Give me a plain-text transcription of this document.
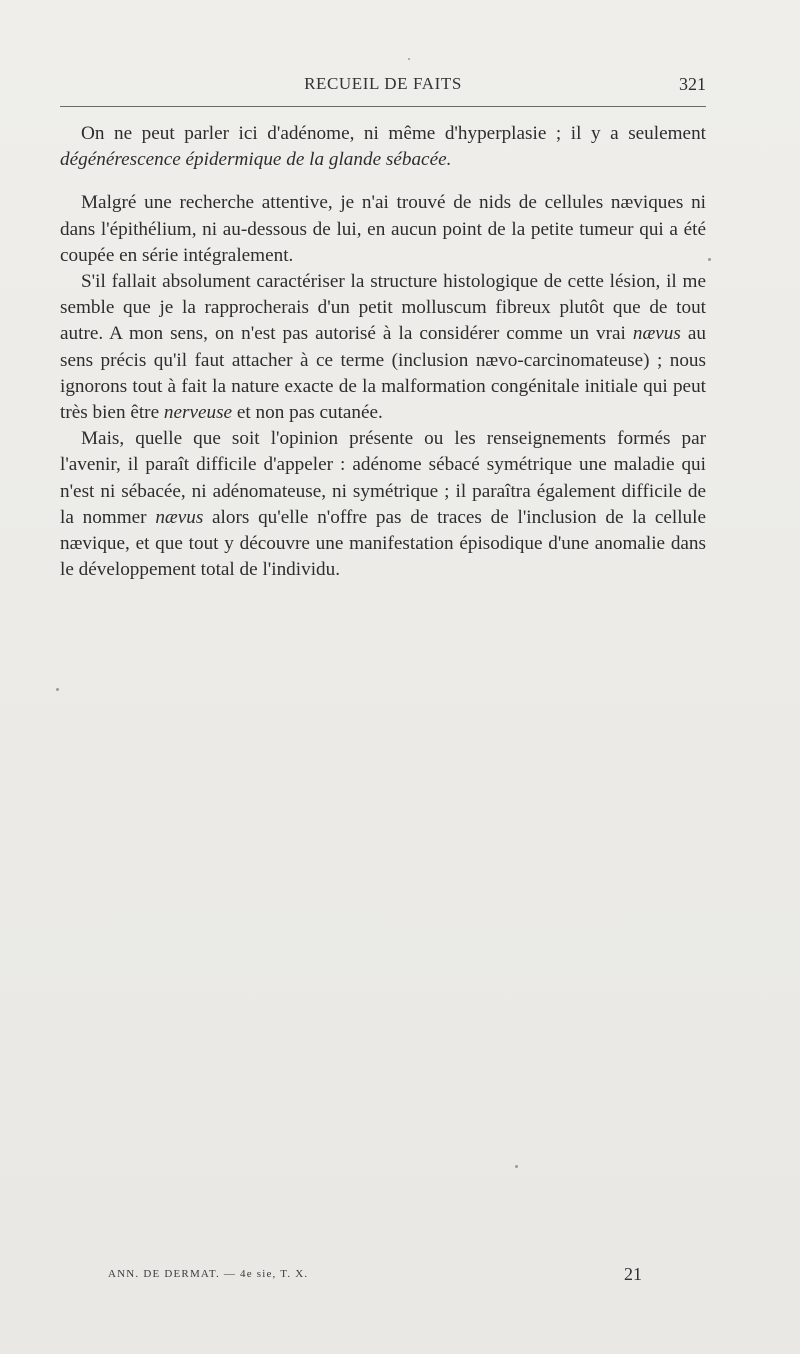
RECUEIL DE FAITS	321

On ne peut parler ici d'adénome, ni même d'hyperplasie ; il y a seulement dégénérescence épidermique de la glande sébacée.

Malgré une recherche attentive, je n'ai trouvé de nids de cellules næviques ni dans l'épithélium, ni au-dessous de lui, en aucun point de la petite tumeur qui a été coupée en série intégralement.

S'il fallait absolument caractériser la structure histologique de cette lésion, il me semble que je la rapprocherais d'un petit molluscum fibreux plutôt que de tout autre. A mon sens, on n'est pas autorisé à la considérer comme un vrai nævus au sens précis qu'il faut attacher à ce terme (inclusion nævo-carcinomateuse) ; nous ignorons tout à fait la nature exacte de la malformation congénitale initiale qui peut très bien être nerveuse et non pas cutanée.

Mais, quelle que soit l'opinion présente ou les renseignements formés par l'avenir, il paraît difficile d'appeler : adénome sébacé symétrique une maladie qui n'est ni sébacée, ni adénomateuse, ni symétrique ; il paraîtra également difficile de la nommer nævus alors qu'elle n'offre pas de traces de l'inclusion de la cellule nævique, et que tout y découvre une manifestation épisodique d'une anomalie dans le développement total de l'individu.

ANN. DE DERMAT. — 4e sie, T. X.	21
